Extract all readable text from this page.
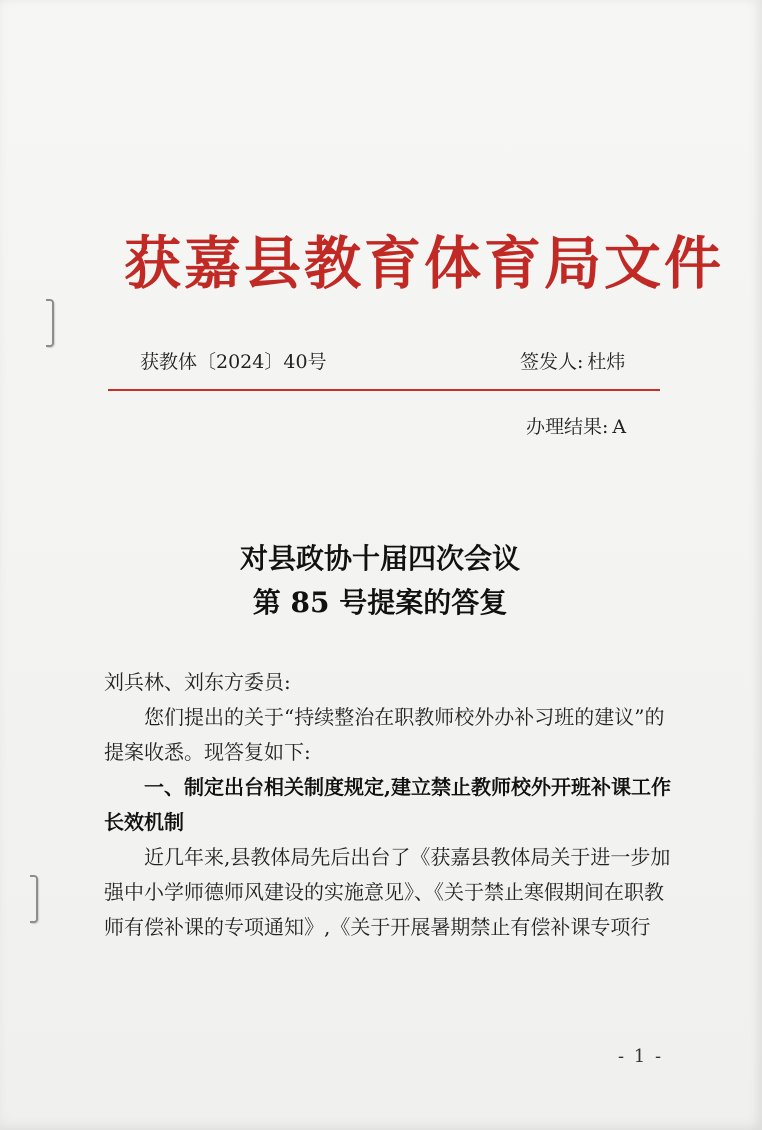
获嘉县教育体育局文件
获教体〔2024〕40号	签发人: 杜炜
办理结果: A
对县政协十届四次会议
第 85 号提案的答复

刘兵林、刘东方委员:

您们提出的关于“持续整治在职教师校外办补习班的建议”的提案收悉。现答复如下:

一、制定出台相关制度规定,建立禁止教师校外开班补课工作长效机制

近几年来,县教体局先后出台了《获嘉县教体局关于进一步加强中小学师德师风建设的实施意见》、《关于禁止寒假期间在职教师有偿补课的专项通知》,《关于开展暑期禁止有偿补课专项行

- 1 -
